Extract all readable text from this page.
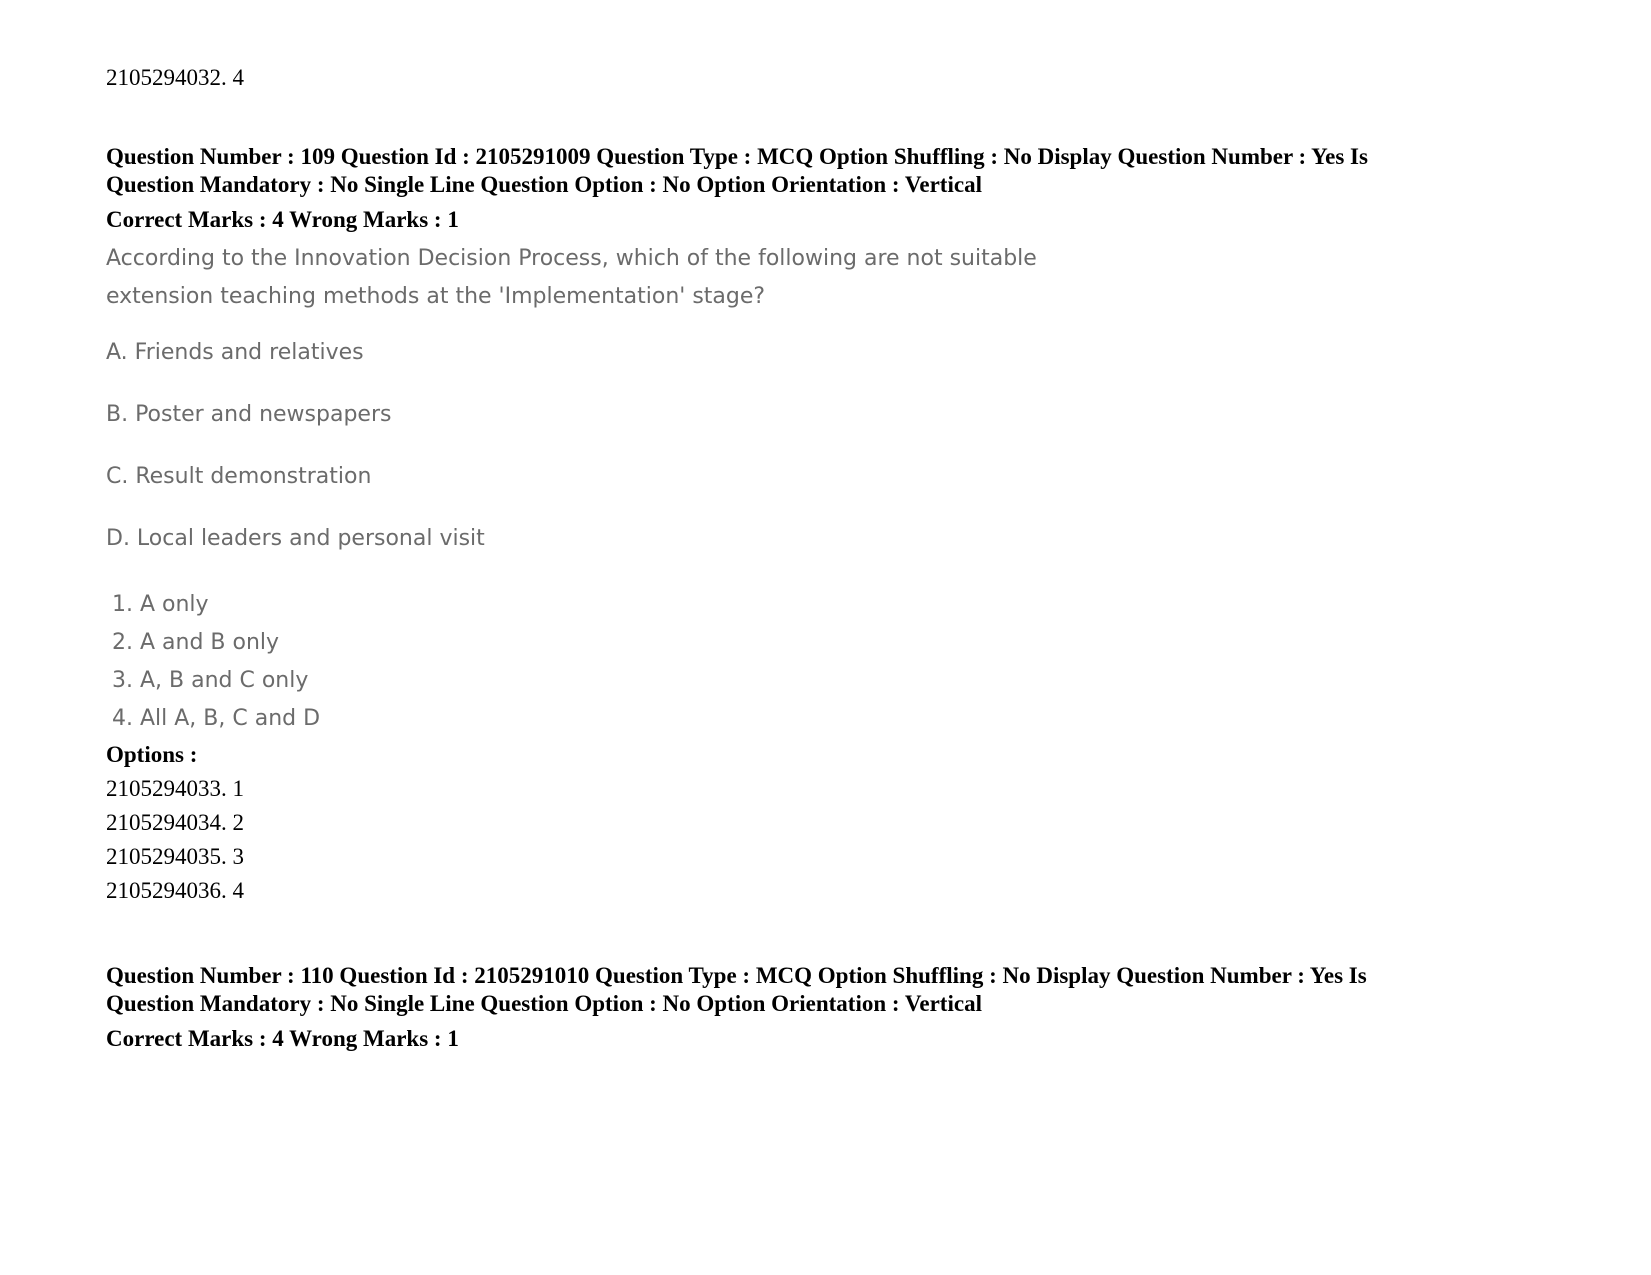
2105294032. 4
Question Number : 109 Question Id : 2105291009 Question Type : MCQ Option Shuffling : No Display Question Number : Yes Is
Question Mandatory : No Single Line Question Option : No Option Orientation : Vertical
Correct Marks : 4 Wrong Marks : 1
According to the Innovation Decision Process, which of the following are not suitable
extension teaching methods at the 'Implementation' stage?
A. Friends and relatives
B. Poster and newspapers
C. Result demonstration
D. Local leaders and personal visit
1. A only
2. A and B only
3. A, B and C only
4. All A, B, C and D
Options :
2105294033. 1
2105294034. 2
2105294035. 3
2105294036. 4
Question Number : 110 Question Id : 2105291010 Question Type : MCQ Option Shuffling : No Display Question Number : Yes Is
Question Mandatory : No Single Line Question Option : No Option Orientation : Vertical
Correct Marks : 4 Wrong Marks : 1
